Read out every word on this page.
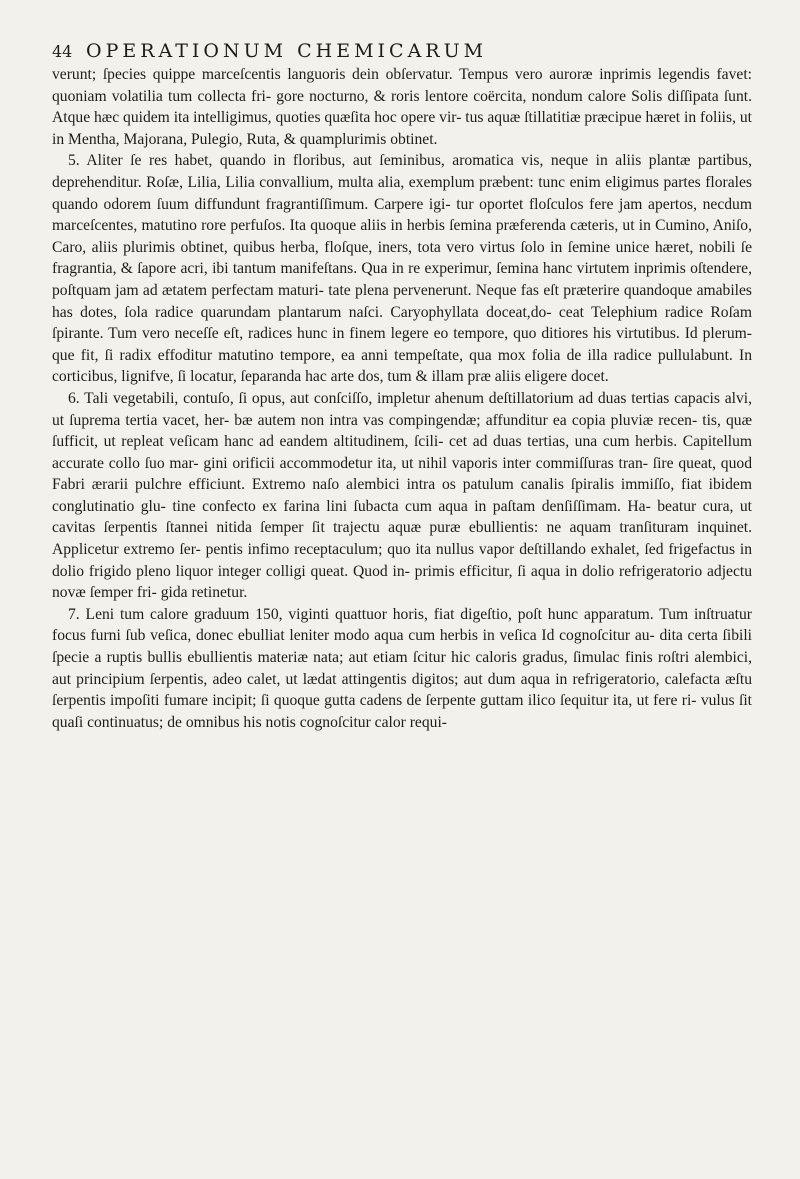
44 OPERATIONUM CHEMICARUM

verunt; ſpecies quippe marceſcentis languoris dein obſervatur. Tempus vero auroræ inprimis legendis favet: quoniam volatilia tum collecta fri- gore nocturno, & roris lentore coërcita, nondum calore Solis diſſipata ſunt. Atque hæc quidem ita intelligimus, quoties quæſita hoc opere vir- tus aquæ ſtillatitiæ præcipue hæret in foliis, ut in Mentha, Majorana, Pulegio, Ruta, & quamplurimis obtinet.

5. Aliter ſe res habet, quando in floribus, aut ſeminibus, aromatica vis, neque in aliis plantæ partibus, deprehenditur. Roſæ, Lilia, Lilia convallium, multa alia, exemplum præbent: tunc enim eligimus partes florales quando odorem ſuum diffundunt fragrantiſſimum. Carpere igi- tur oportet floſculos fere jam apertos, necdum marceſcentes, matutino rore perfuſos. Ita quoque aliis in herbis ſemina præferenda cæteris, ut in Cumino, Aniſo, Caro, aliis plurimis obtinet, quibus herba, floſque, iners, tota vero virtus ſolo in ſemine unice hæret, nobili ſe fragrantia, & ſapore acri, ibi tantum manifeſtans. Qua in re experimur, ſemina hanc virtutem inprimis oſtendere, poſtquam jam ad ætatem perfectam maturi- tate plena pervenerunt. Neque fas eſt præterire quandoque amabiles has dotes, ſola radice quarundam plantarum naſci. Caryophyllata doceat,do- ceat Telephium radice Roſam ſpirante. Tum vero neceſſe eſt, radices hunc in finem legere eo tempore, quo ditiores his virtutibus. Id plerum- que fit, ſi radix effoditur matutino tempore, ea anni tempeſtate, qua mox folia de illa radice pullulabunt. In corticibus, lignifve, ſi locatur, ſeparanda hac arte dos, tum & illam præ aliis eligere docet.

6. Tali vegetabili, contuſo, ſi opus, aut conſciſſo, impletur ahenum deſtillatorium ad duas tertias capacis alvi, ut ſuprema tertia vacet, her- bæ autem non intra vas compingendæ; affunditur ea copia pluviæ recen- tis, quæ ſufficit, ut repleat veſicam hanc ad eandem altitudinem, ſcili- cet ad duas tertias, una cum herbis. Capitellum accurate collo ſuo mar- gini orificii accommodetur ita, ut nihil vaporis inter commiſſuras tran- ſire queat, quod Fabri ærarii pulchre efficiunt. Extremo naſo alembici intra os patulum canalis ſpiralis immiſſo, fiat ibidem conglutinatio glu- tine confecto ex farina lini ſubacta cum aqua in paſtam denſiſſimam. Ha- beatur cura, ut cavitas ſerpentis ſtannei nitida ſemper ſit trajectu aquæ puræ ebullientis: ne aquam tranſituram inquinet. Applicetur extremo ſer- pentis infimo receptaculum; quo ita nullus vapor deſtillando exhalet, ſed frigefactus in dolio frigido pleno liquor integer colligi queat. Quod in- primis efficitur, ſi aqua in dolio refrigeratorio adjectu novæ ſemper fri- gida retinetur.

7. Leni tum calore graduum 150, viginti quattuor horis, fiat digeſtio, poſt hunc apparatum. Tum inſtruatur focus furni ſub veſica, donec ebulliat leniter modo aqua cum herbis in veſica Id cognoſcitur au- dita certa ſibili ſpecie a ruptis bullis ebullientis materiæ nata; aut etiam ſcitur hic caloris gradus, ſimulac finis roſtri alembici, aut principium ſerpentis, adeo calet, ut lædat attingentis digitos; aut dum aqua in refrigeratorio, calefacta æſtu ſerpentis impoſiti fumare incipit; ſi quoque gutta cadens de ſerpente guttam ilico ſequitur ita, ut fere ri- vulus ſit quaſi continuatus; de omnibus his notis cognoſcitur calor requi-
